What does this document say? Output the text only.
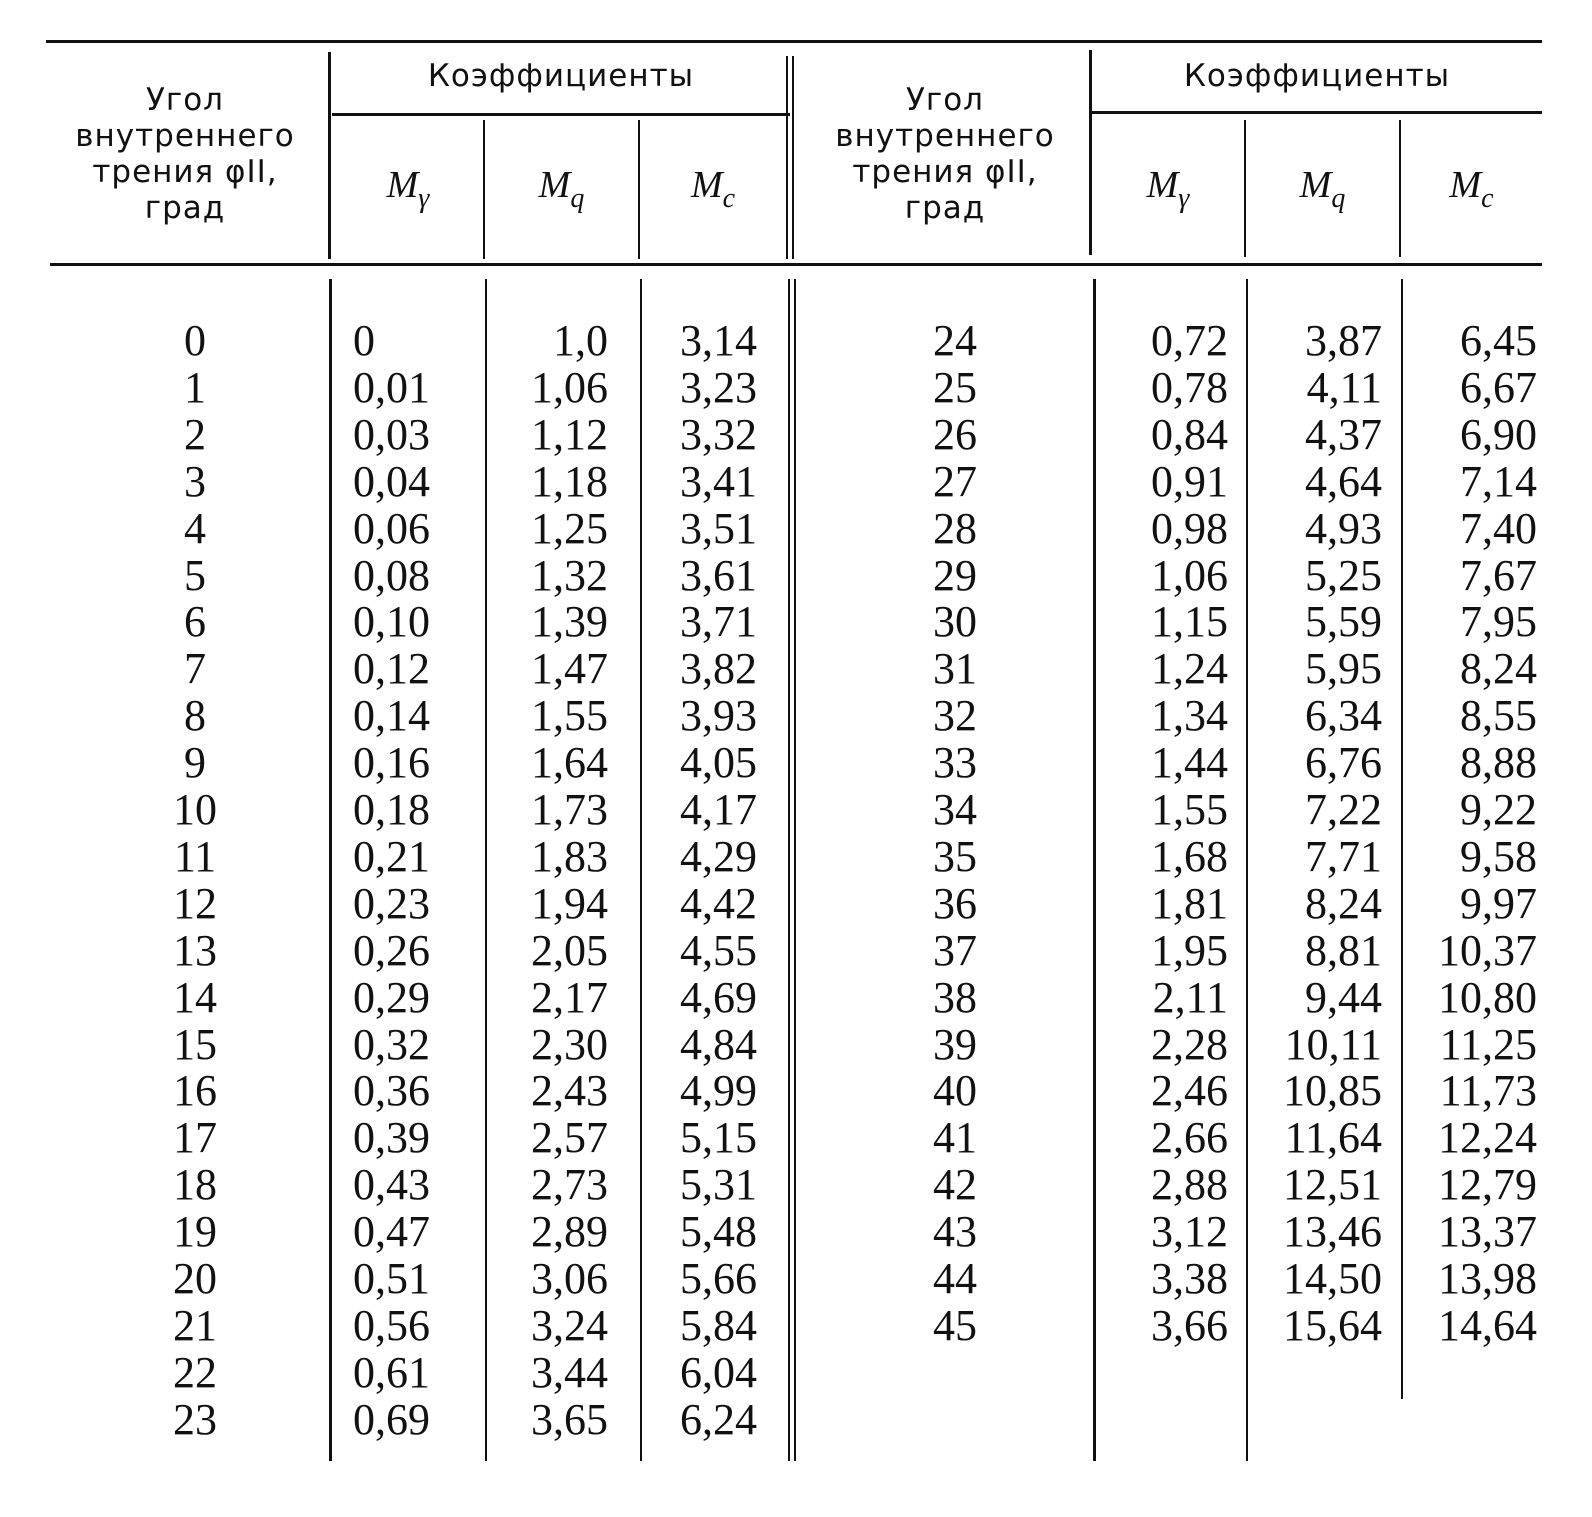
Угол
внутреннего
трения φII,
град
Коэффициенты
$M_\gamma$	$M_q$	$M_c$
Угол
внутреннего
трения φII,
град
Коэффициенты
$M_\gamma$	$M_q$	$M_c$
0	0	1,0	3,14
1	0,01	1,06	3,23
2	0,03	1,12	3,32
3	0,04	1,18	3,41
4	0,06	1,25	3,51
5	0,08	1,32	3,61
6	0,10	1,39	3,71
7	0,12	1,47	3,82
8	0,14	1,55	3,93
9	0,16	1,64	4,05
10	0,18	1,73	4,17
11	0,21	1,83	4,29
12	0,23	1,94	4,42
13	0,26	2,05	4,55
14	0,29	2,17	4,69
15	0,32	2,30	4,84
16	0,36	2,43	4,99
17	0,39	2,57	5,15
18	0,43	2,73	5,31
19	0,47	2,89	5,48
20	0,51	3,06	5,66
21	0,56	3,24	5,84
22	0,61	3,44	6,04
23	0,69	3,65	6,24
24	0,72	3,87	6,45
25	0,78	4,11	6,67
26	0,84	4,37	6,90
27	0,91	4,64	7,14
28	0,98	4,93	7,40
29	1,06	5,25	7,67
30	1,15	5,59	7,95
31	1,24	5,95	8,24
32	1,34	6,34	8,55
33	1,44	6,76	8,88
34	1,55	7,22	9,22
35	1,68	7,71	9,58
36	1,81	8,24	9,97
37	1,95	8,81	10,37
38	2,11	9,44	10,80
39	2,28	10,11	11,25
40	2,46	10,85	11,73
41	2,66	11,64	12,24
42	2,88	12,51	12,79
43	3,12	13,46	13,37
44	3,38	14,50	13,98
45	3,66	15,64	14,64
